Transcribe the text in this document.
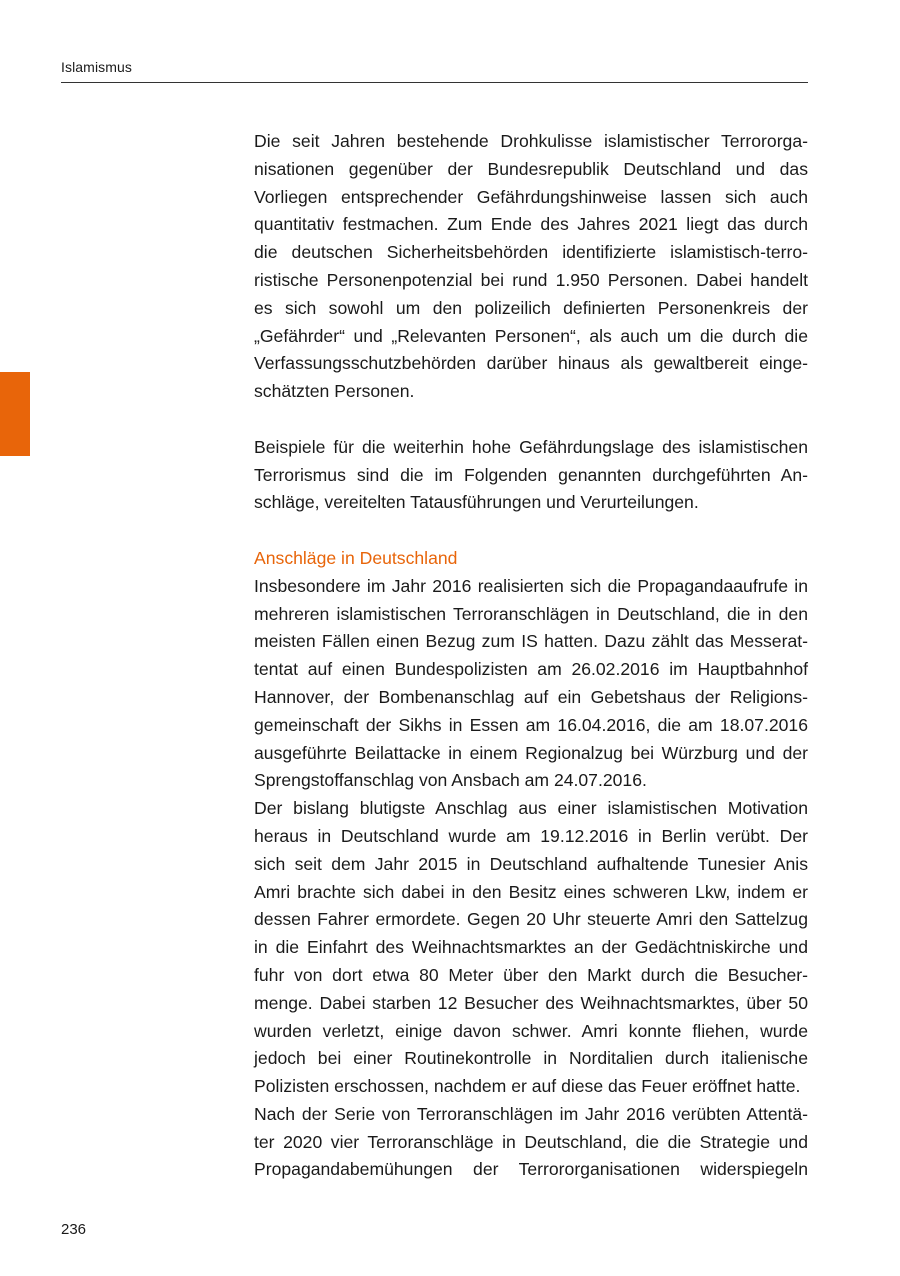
Islamismus
Die seit Jahren bestehende Drohkulisse islamistischer Terrororga-
nisationen gegenüber der Bundesrepublik Deutschland und das
Vorliegen entsprechender Gefährdungshinweise lassen sich auch
quantitativ festmachen. Zum Ende des Jahres 2021 liegt das durch
die deutschen Sicherheitsbehörden identifizierte islamistisch-terro-
ristische Personenpotenzial bei rund 1.950 Personen. Dabei handelt
es sich sowohl um den polizeilich definierten Personenkreis der
„Gefährder“ und „Relevanten Personen“, als auch um die durch die
Verfassungsschutzbehörden darüber hinaus als gewaltbereit einge-
schätzten Personen.
Beispiele für die weiterhin hohe Gefährdungslage des islamistischen
Terrorismus sind die im Folgenden genannten durchgeführten An-
schläge, vereitelten Tatausführungen und Verurteilungen.
Anschläge in Deutschland
Insbesondere im Jahr 2016 realisierten sich die Propagandaaufrufe in
mehreren islamistischen Terroranschlägen in Deutschland, die in den
meisten Fällen einen Bezug zum IS hatten. Dazu zählt das Messerat-
tentat auf einen Bundespolizisten am 26.02.2016 im Hauptbahnhof
Hannover, der Bombenanschlag auf ein Gebetshaus der Religions-
gemeinschaft der Sikhs in Essen am 16.04.2016, die am 18.07.2016
ausgeführte Beilattacke in einem Regionalzug bei Würzburg und der
Sprengstoffanschlag von Ansbach am 24.07.2016.
Der bislang blutigste Anschlag aus einer islamistischen Motivation
heraus in Deutschland wurde am 19.12.2016 in Berlin verübt. Der
sich seit dem Jahr 2015 in Deutschland aufhaltende Tunesier Anis
Amri brachte sich dabei in den Besitz eines schweren Lkw, indem er
dessen Fahrer ermordete. Gegen 20 Uhr steuerte Amri den Sattelzug
in die Einfahrt des Weihnachtsmarktes an der Gedächtniskirche und
fuhr von dort etwa 80 Meter über den Markt durch die Besucher-
menge. Dabei starben 12 Besucher des Weihnachtsmarktes, über 50
wurden verletzt, einige davon schwer. Amri konnte fliehen, wurde
jedoch bei einer Routinekontrolle in Norditalien durch italienische
Polizisten erschossen, nachdem er auf diese das Feuer eröffnet hatte.
Nach der Serie von Terroranschlägen im Jahr 2016 verübten Attentä-
ter 2020 vier Terroranschläge in Deutschland, die die Strategie und
Propagandabemühungen der Terrororganisationen widerspiegeln
236
